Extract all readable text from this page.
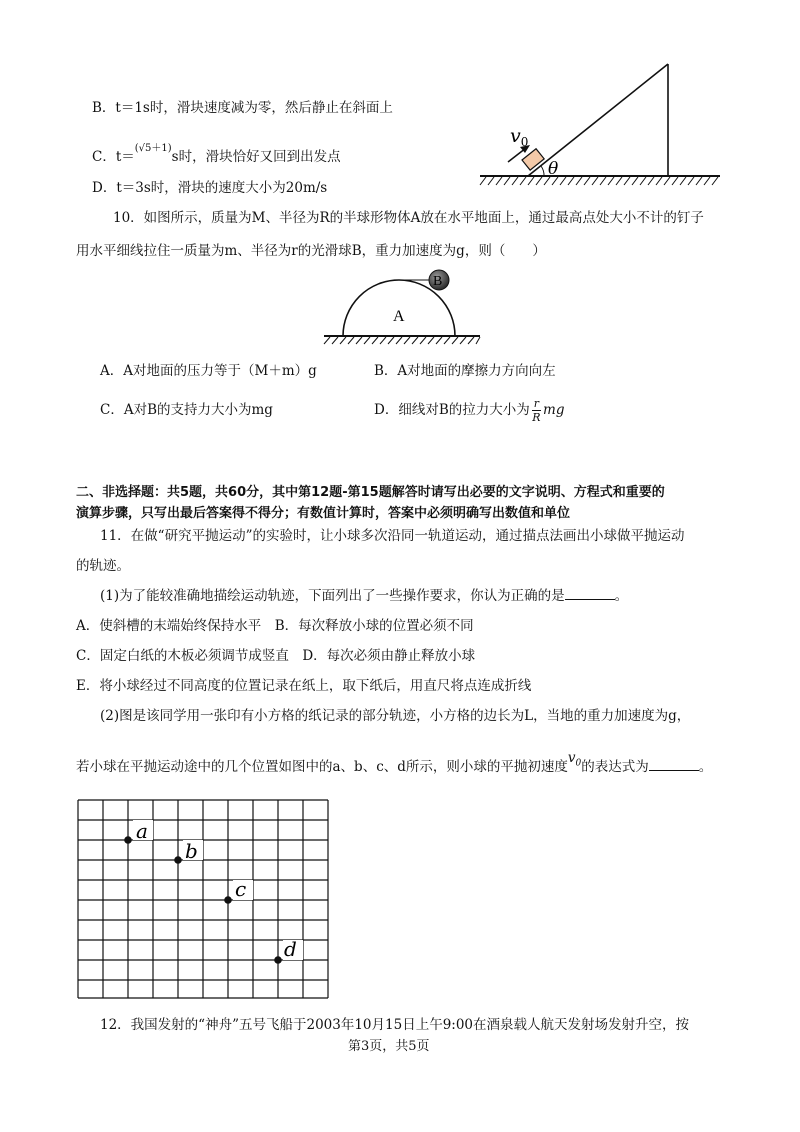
B．t＝1s时，滑块速度减为零，然后静止在斜面上
C．t＝$^{(√5+1)}$s时，滑块恰好又回到出发点
D．t＝3s时，滑块的速度大小为20m/s
$v_0$
θ
10．如图所示，质量为M、半径为R的半球形物体A放在水平地面上，通过最高点处大小不计的钉子
用水平细线拉住一质量为m、半径为r的光滑球B，重力加速度为g，则（　　）
B
A
A．A对地面的压力等于（M＋m）g	B．A对地面的摩擦力方向向左
C．A对B的支持力大小为mg	D．细线对B的拉力大小为 $\frac{r}{R}$ mg
二、非选择题：共5题，共60分，其中第12题-第15题解答时请写出必要的文字说明、方程式和重要的
演算步骤，只写出最后答案得不得分；有数值计算时，答案中必须明确写出数值和单位
11．在做“研究平抛运动”的实验时，让小球多次沿同一轨道运动，通过描点法画出小球做平抛运动
的轨迹。
(1)为了能较准确地描绘运动轨迹，下面列出了一些操作要求，你认为正确的是	。
A．使斜槽的末端始终保持水平　B．每次释放小球的位置必须不同
C．固定白纸的木板必须调节成竖直　D．每次必须由静止释放小球
E．将小球经过不同高度的位置记录在纸上，取下纸后，用直尺将点连成折线
(2)图是该同学用一张印有小方格的纸记录的部分轨迹，小方格的边长为L，当地的重力加速度为g，
若小球在平抛运动途中的几个位置如图中的a、b、c、d所示，则小球的平抛初速度$v_0$的表达式为	。
a
b
c
d
12．我国发射的“神舟”五号飞船于2003年10月15日上午9:00在酒泉载人航天发射场发射升空，按
第3页，共5页
